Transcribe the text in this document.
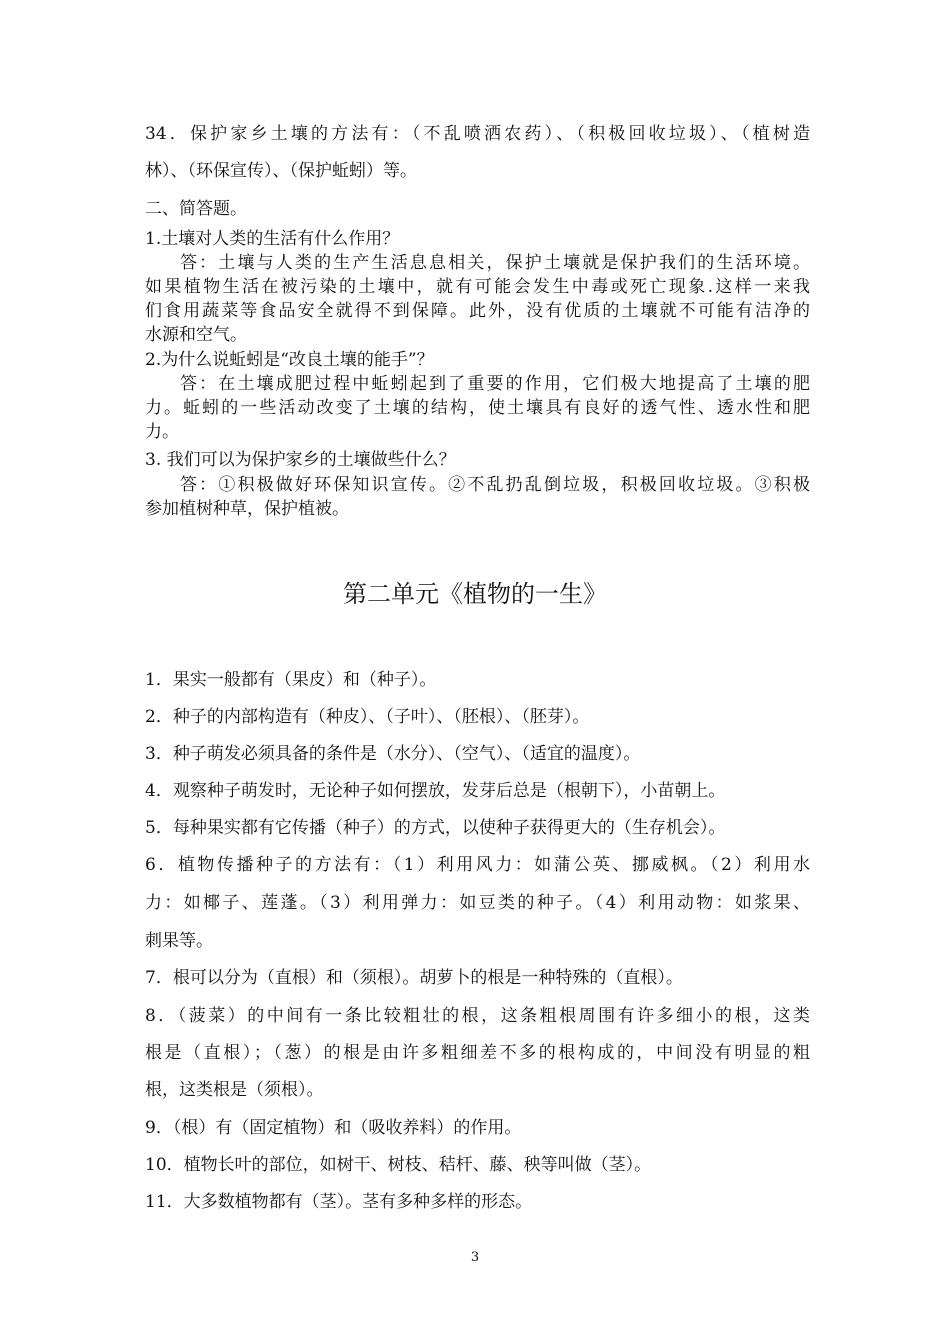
34．保护家乡土壤的方法有：（不乱喷洒农药）、（积极回收垃圾）、（植树造
林）、（环保宣传）、（保护蚯蚓）等。
二、简答题。
1.土壤对人类的生活有什么作用？
答：土壤与人类的生产生活息息相关，保护土壤就是保护我们的生活环境。
如果植物生活在被污染的土壤中，就有可能会发生中毒或死亡现象.这样一来我
们食用蔬菜等食品安全就得不到保障。此外，没有优质的土壤就不可能有洁净的
水源和空气。
2.为什么说蚯蚓是“改良土壤的能手”？
答：在土壤成肥过程中蚯蚓起到了重要的作用，它们极大地提高了土壤的肥
力。蚯蚓的一些活动改变了土壤的结构，使土壤具有良好的透气性、透水性和肥
力。
3. 我们可以为保护家乡的土壤做些什么？
答：①积极做好环保知识宣传。②不乱扔乱倒垃圾，积极回收垃圾。③积极
参加植树种草，保护植被。
第二单元《植物的一生》
1．果实一般都有（果皮）和（种子）。
2．种子的内部构造有（种皮）、（子叶）、（胚根）、（胚芽）。
3．种子萌发必须具备的条件是（水分）、（空气）、（适宜的温度）。
4．观察种子萌发时，无论种子如何摆放，发芽后总是（根朝下），小苗朝上。
5．每种果实都有它传播（种子）的方式，以使种子获得更大的（生存机会）。
6．植物传播种子的方法有：（1）利用风力：如蒲公英、挪威枫。（2）利用水
力：如椰子、莲蓬。（3）利用弹力：如豆类的种子。（4）利用动物：如浆果、
刺果等。
7．根可以分为（直根）和（须根）。胡萝卜的根是一种特殊的（直根）。
8．（菠菜）的中间有一条比较粗壮的根，这条粗根周围有许多细小的根，这类
根是（直根）；（葱）的根是由许多粗细差不多的根构成的，中间没有明显的粗
根，这类根是（须根）。
9．（根）有（固定植物）和（吸收养料）的作用。
10．植物长叶的部位，如树干、树枝、秸杆、藤、秧等叫做（茎）。
11．大多数植物都有（茎）。茎有多种多样的形态。
3
